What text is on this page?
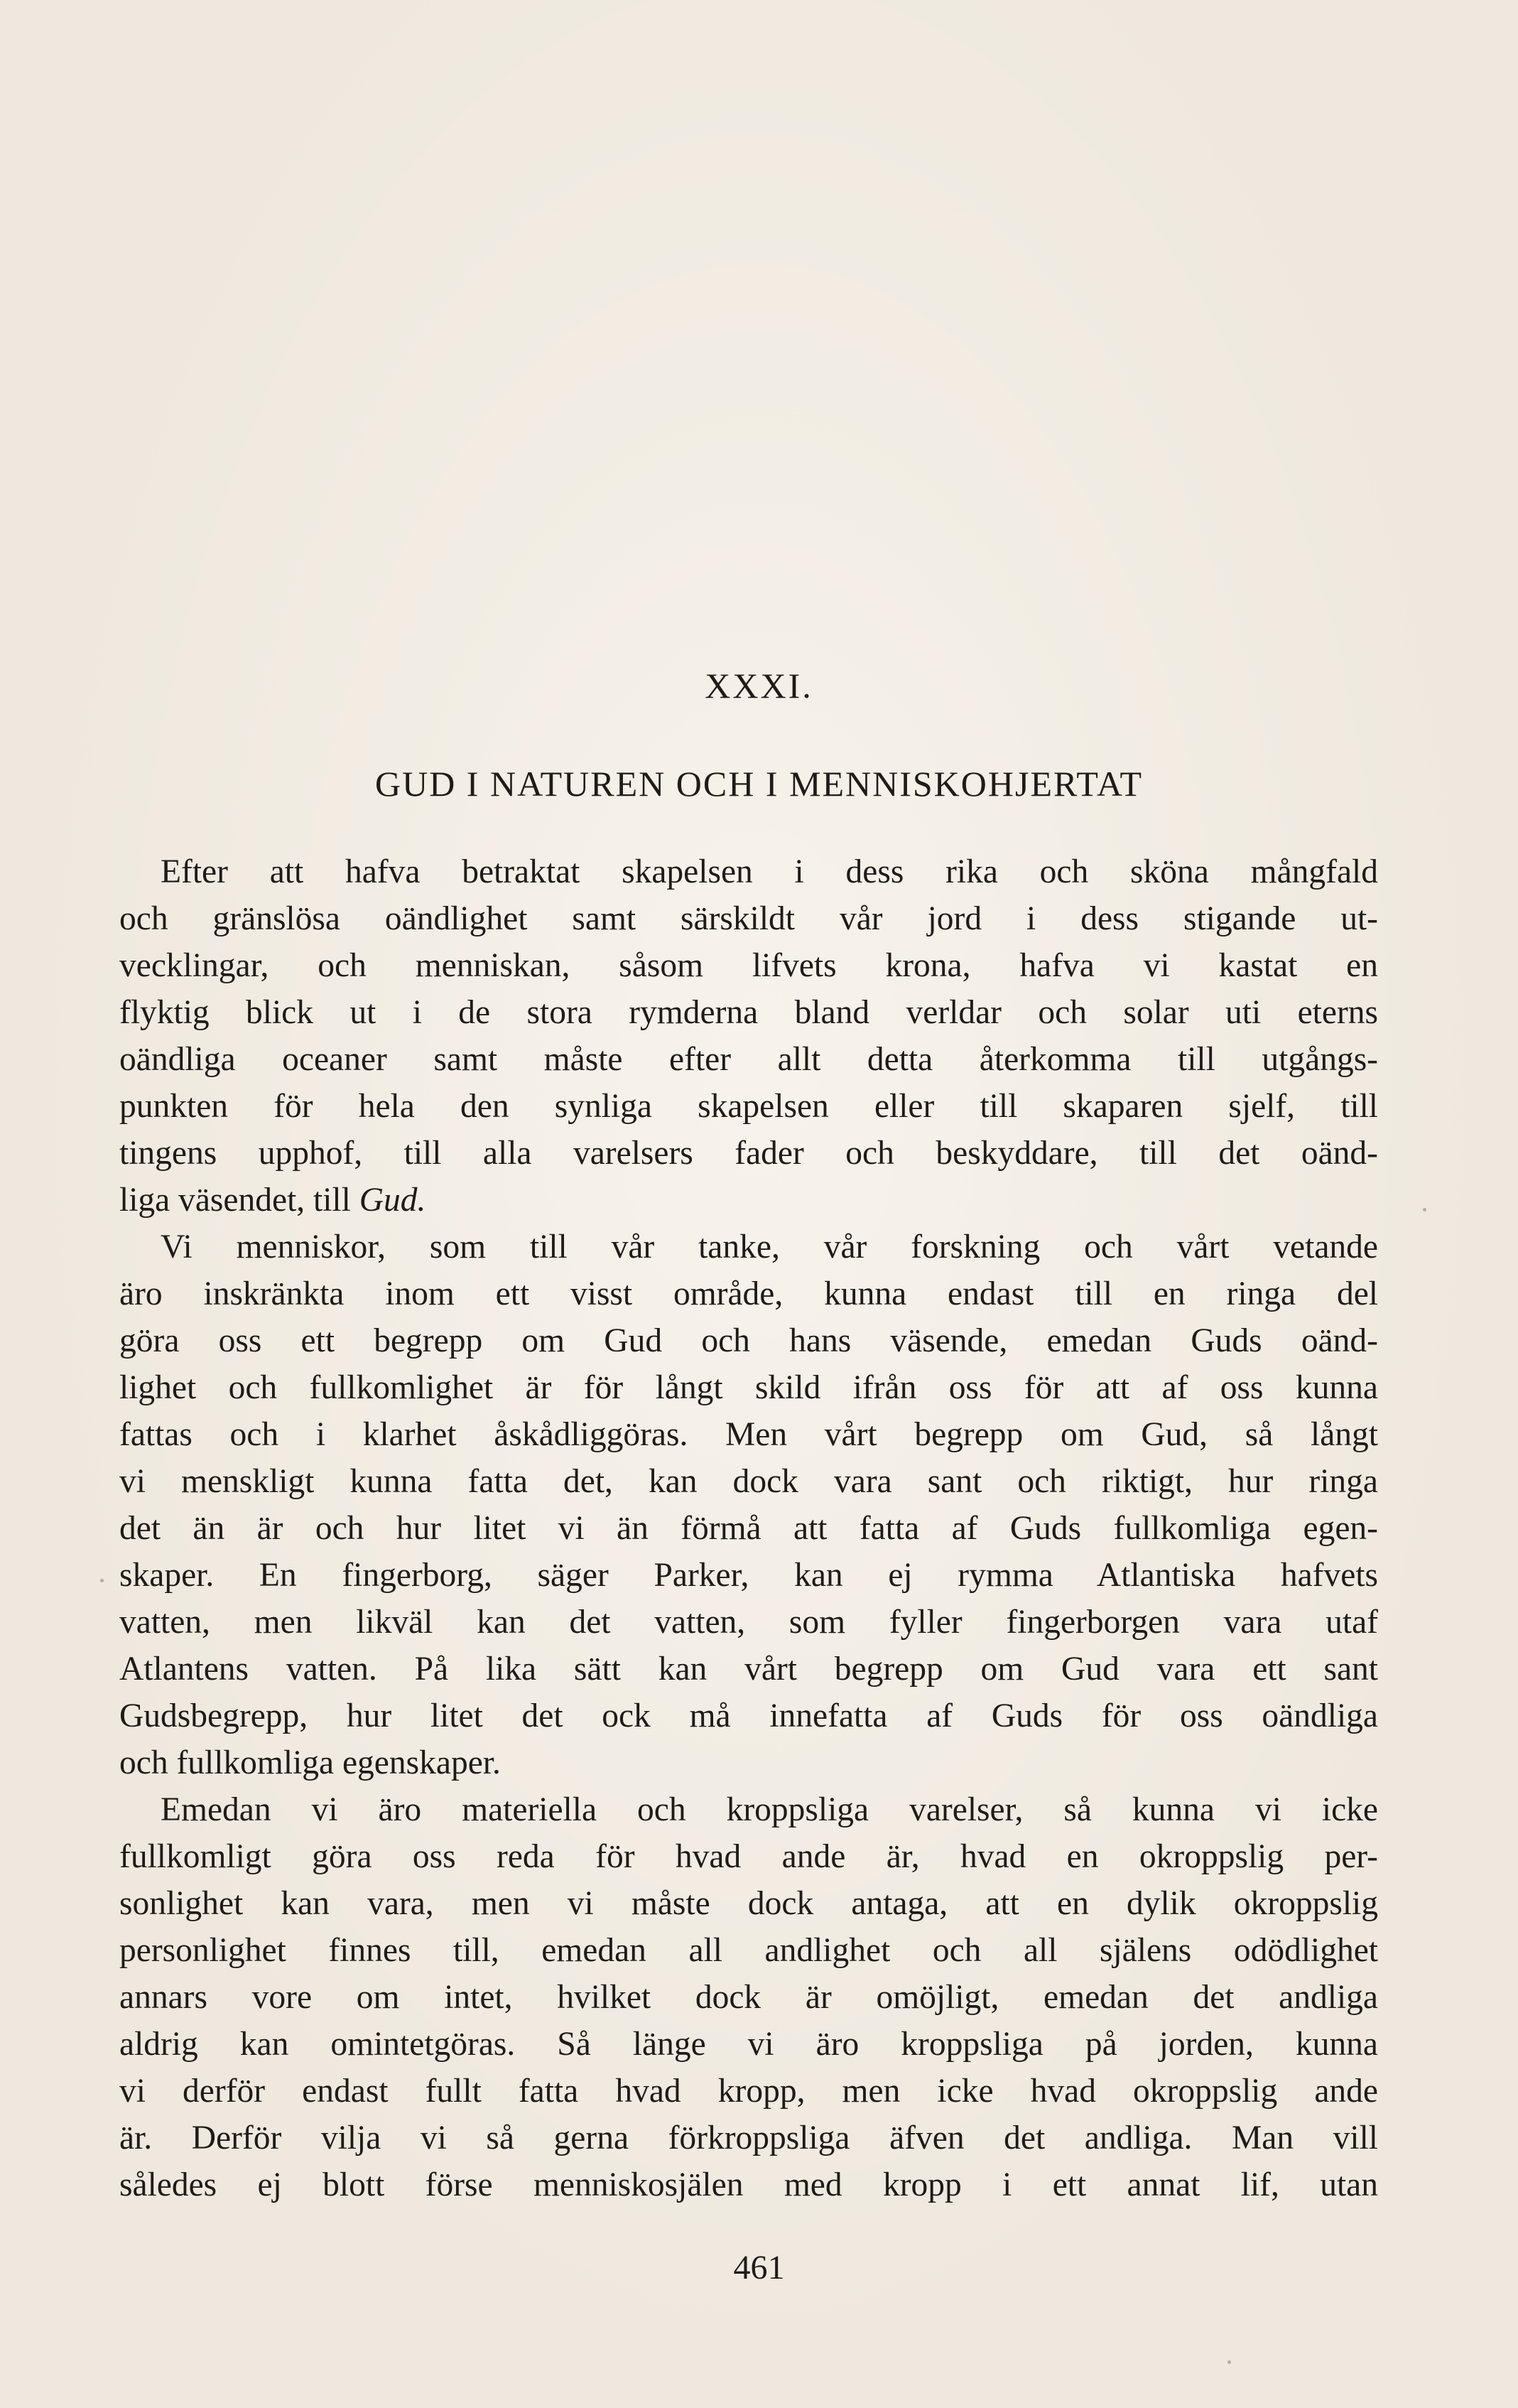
XXXI.
GUD I NATUREN OCH I MENNISKOHJERTAT
Efter att hafva betraktat skapelsen i dess rika och sköna mångfald
och gränslösa oändlighet samt särskildt vår jord i dess stigande ut-
vecklingar, och menniskan, såsom lifvets krona, hafva vi kastat en
flyktig blick ut i de stora rymderna bland verldar och solar uti eterns
oändliga oceaner samt måste efter allt detta återkomma till utgångs-
punkten för hela den synliga skapelsen eller till skaparen sjelf, till
tingens upphof, till alla varelsers fader och beskyddare, till det oänd-
liga väsendet, till Gud.
Vi menniskor, som till vår tanke, vår forskning och vårt vetande
äro inskränkta inom ett visst område, kunna endast till en ringa del
göra oss ett begrepp om Gud och hans väsende, emedan Guds oänd-
lighet och fullkomlighet är för långt skild ifrån oss för att af oss kunna
fattas och i klarhet åskådliggöras. Men vårt begrepp om Gud, så långt
vi menskligt kunna fatta det, kan dock vara sant och riktigt, hur ringa
det än är och hur litet vi än förmå att fatta af Guds fullkomliga egen-
skaper. En fingerborg, säger Parker, kan ej rymma Atlantiska hafvets
vatten, men likväl kan det vatten, som fyller fingerborgen vara utaf
Atlantens vatten. På lika sätt kan vårt begrepp om Gud vara ett sant
Gudsbegrepp, hur litet det ock må innefatta af Guds för oss oändliga
och fullkomliga egenskaper.
Emedan vi äro materiella och kroppsliga varelser, så kunna vi icke
fullkomligt göra oss reda för hvad ande är, hvad en okroppslig per-
sonlighet kan vara, men vi måste dock antaga, att en dylik okroppslig
personlighet finnes till, emedan all andlighet och all själens odödlighet
annars vore om intet, hvilket dock är omöjligt, emedan det andliga
aldrig kan omintetgöras. Så länge vi äro kroppsliga på jorden, kunna
vi derför endast fullt fatta hvad kropp, men icke hvad okroppslig ande
är. Derför vilja vi så gerna förkroppsliga äfven det andliga. Man vill
således ej blott förse menniskosjälen med kropp i ett annat lif, utan
461
